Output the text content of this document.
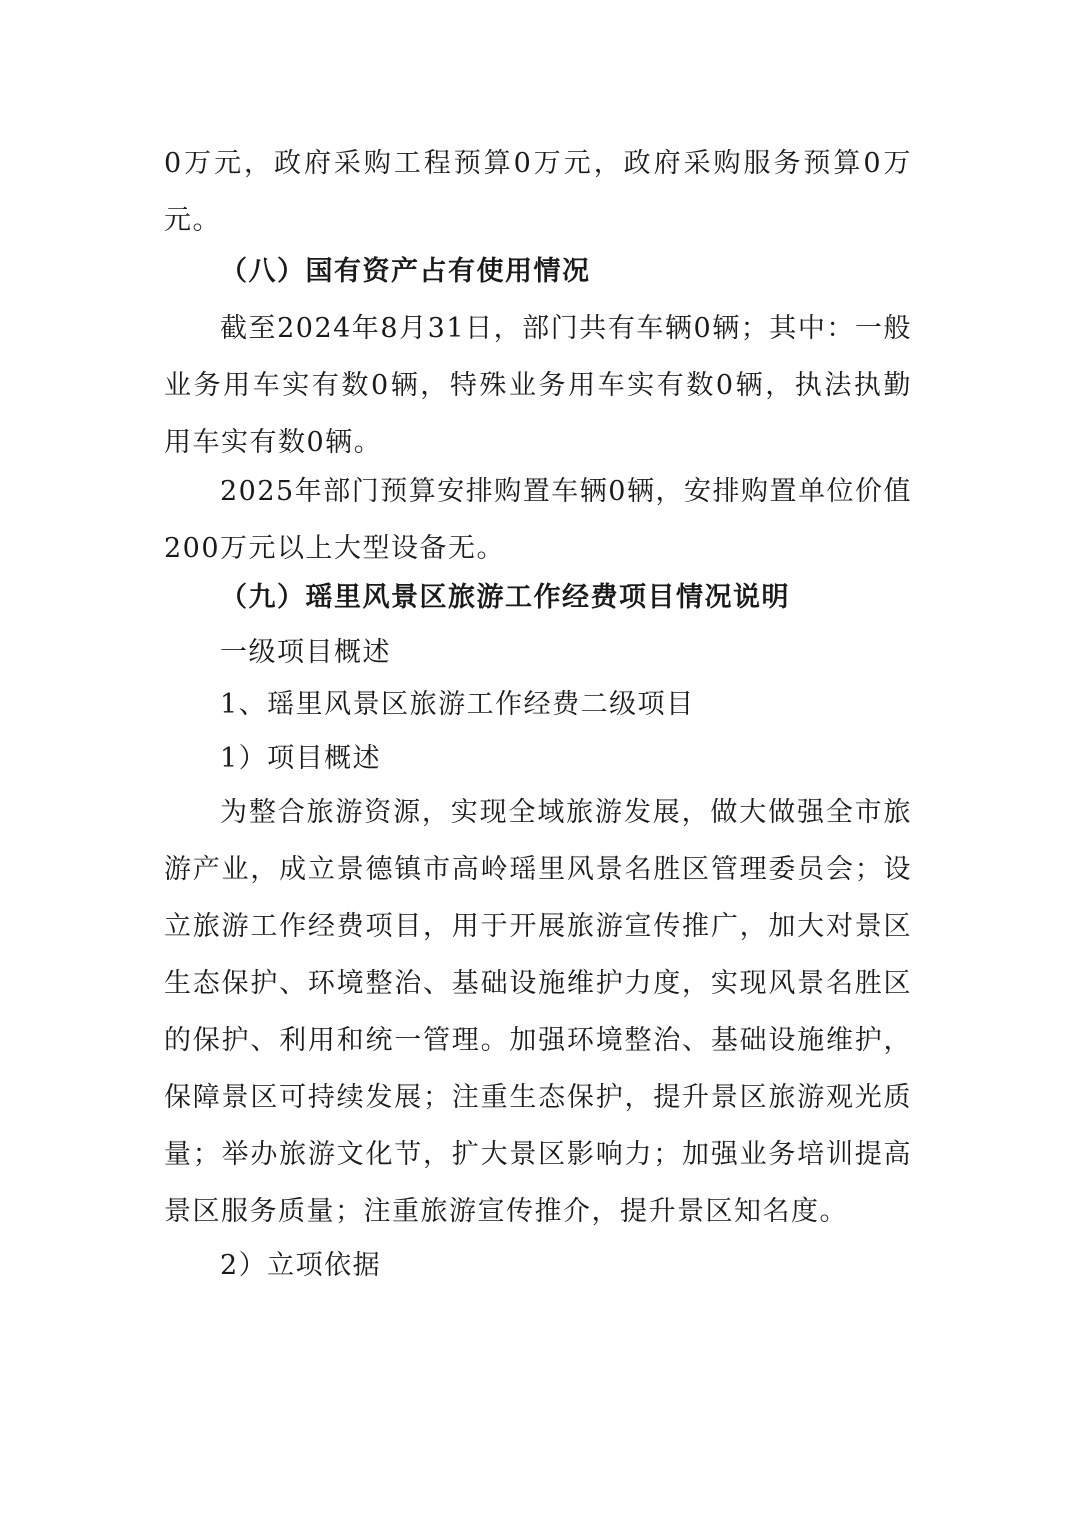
0万元，政府采购工程预算0万元，政府采购服务预算0万元。

（八）国有资产占有使用情况

截至2024年8月31日，部门共有车辆0辆；其中：一般业务用车实有数0辆，特殊业务用车实有数0辆，执法执勤用车实有数0辆。

2025年部门预算安排购置车辆0辆，安排购置单位价值200万元以上大型设备无。

（九）瑶里风景区旅游工作经费项目情况说明

一级项目概述

1、瑶里风景区旅游工作经费二级项目

1）项目概述

为整合旅游资源，实现全域旅游发展，做大做强全市旅游产业，成立景德镇市高岭瑶里风景名胜区管理委员会；设立旅游工作经费项目，用于开展旅游宣传推广，加大对景区生态保护、环境整治、基础设施维护力度，实现风景名胜区的保护、利用和统一管理。加强环境整治、基础设施维护，保障景区可持续发展；注重生态保护，提升景区旅游观光质量；举办旅游文化节，扩大景区影响力；加强业务培训提高景区服务质量；注重旅游宣传推介，提升景区知名度。

2）立项依据
